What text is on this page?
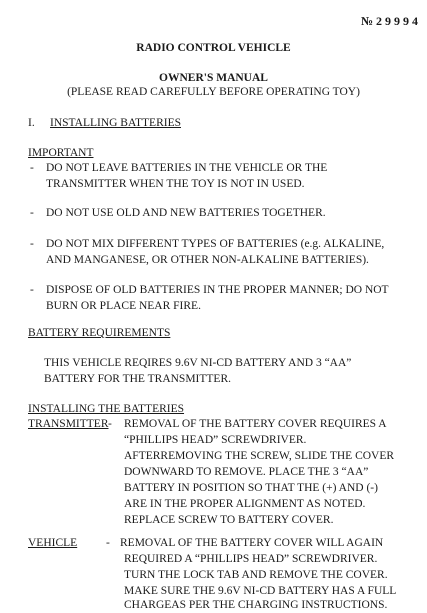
№29994
RADIO CONTROL VEHICLE
OWNER'S MANUAL
(PLEASE READ CAREFULLY BEFORE OPERATING TOY)
I. INSTALLING BATTERIES
IMPORTANT
- DO NOT LEAVE BATTERIES IN THE VEHICLE OR THE
TRANSMITTER WHEN THE TOY IS NOT IN USED.
- DO NOT USE OLD AND NEW BATTERIES TOGETHER.
- DO NOT MIX DIFFERENT TYPES OF BATTERIES (e.g. ALKALINE,
AND MANGANESE, OR OTHER NON-ALKALINE BATTERIES).
- DISPOSE OF OLD BATTERIES IN THE PROPER MANNER; DO NOT
BURN OR PLACE NEAR FIRE.
BATTERY REQUIREMENTS
THIS VEHICLE REQIRES 9.6V NI-CD BATTERY AND 3 “AA”
BATTERY FOR THE TRANSMITTER.
INSTALLING THE BATTERIES
TRANSMITTER - REMOVAL OF THE BATTERY COVER REQUIRES A
“PHILLIPS HEAD” SCREWDRIVER.
AFTERREMOVING THE SCREW, SLIDE THE COVER
DOWNWARD TO REMOVE. PLACE THE 3 “AA”
BATTERY IN POSITION SO THAT THE (+) AND (-)
ARE IN THE PROPER ALIGNMENT AS NOTED.
REPLACE SCREW TO BATTERY COVER.
VEHICLE	- REMOVAL OF THE BATTERY COVER WILL AGAIN
REQUIRED A “PHILLIPS HEAD” SCREWDRIVER.
TURN THE LOCK TAB AND REMOVE THE COVER.
MAKE SURE THE 9.6V NI-CD BATTERY HAS A FULL
CHARGEAS PER THE CHARGING INSTRUCTIONS.
